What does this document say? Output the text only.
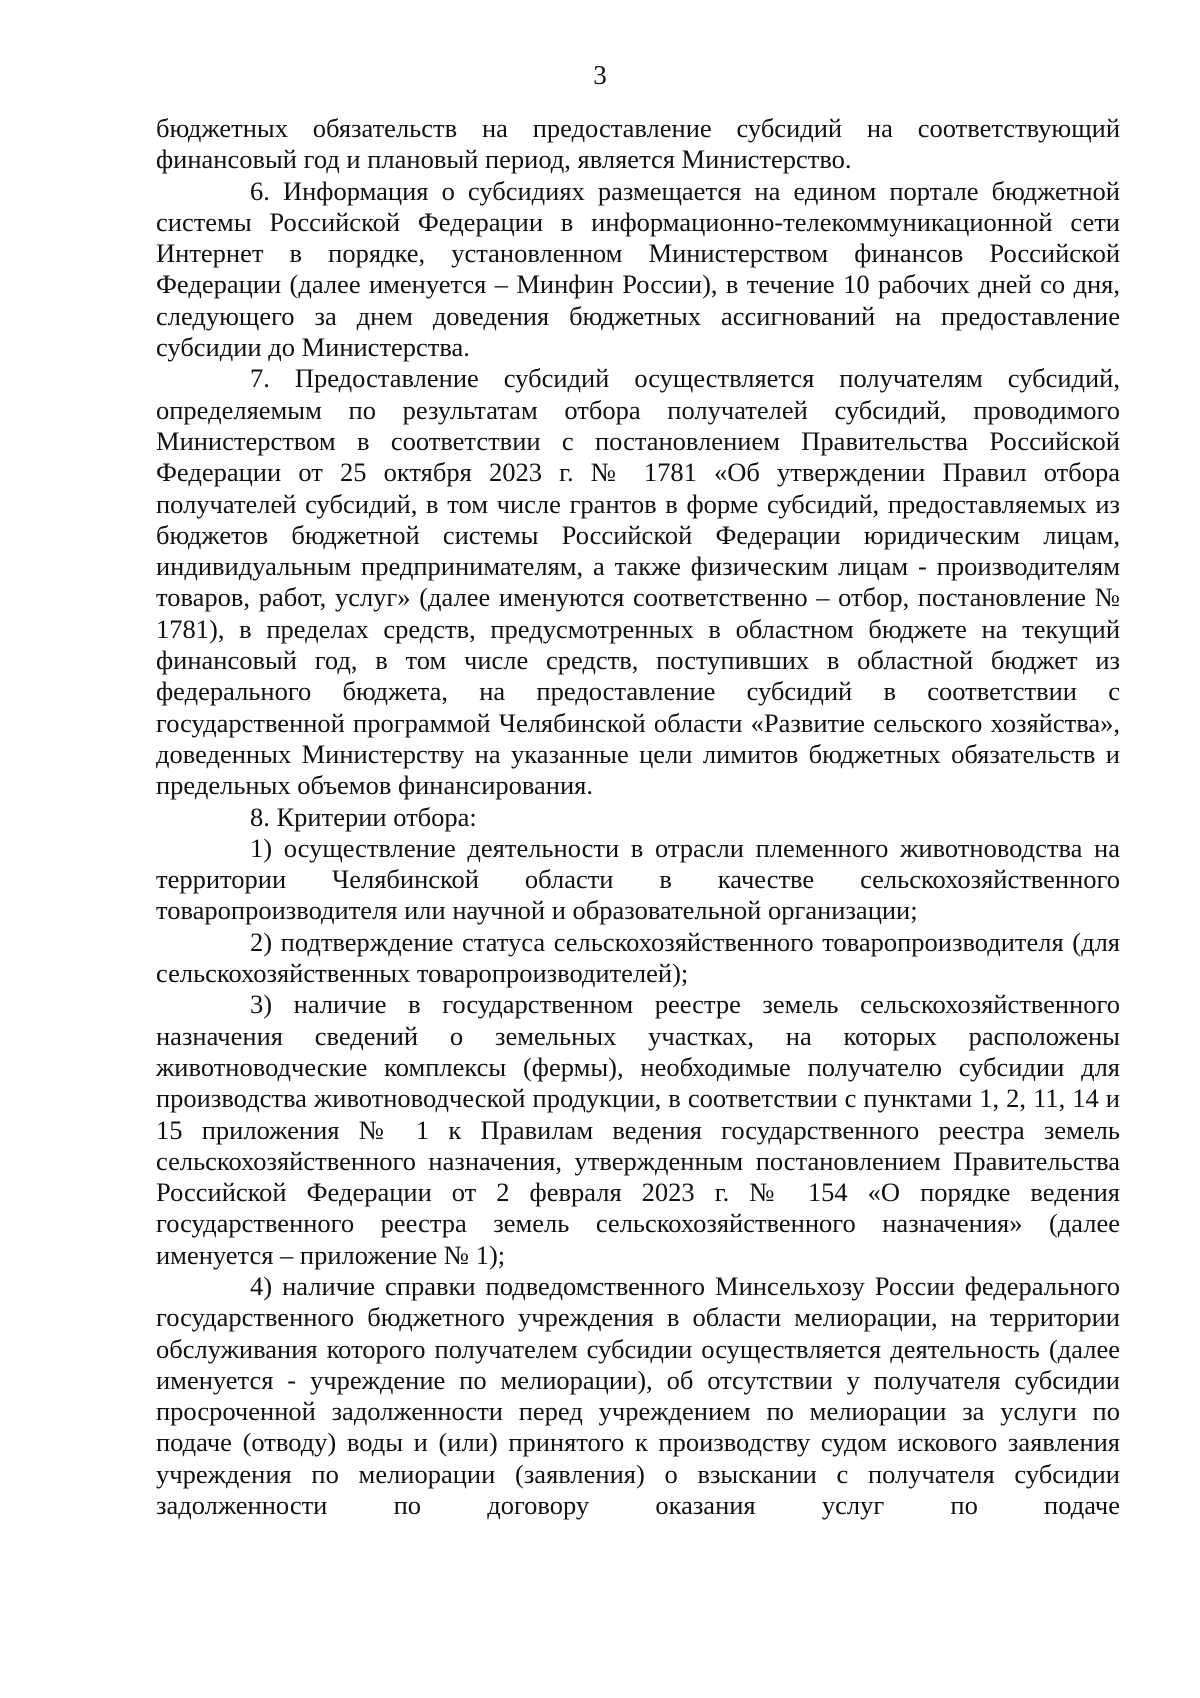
3

бюджетных обязательств на предоставление субсидий на соответствующий финансовый год и плановый период, является Министерство.

6. Информация о субсидиях размещается на едином портале бюджетной системы Российской Федерации в информационно-телекоммуникационной сети Интернет в порядке, установленном Министерством финансов Российской Федерации (далее именуется – Минфин России), в течение 10 рабочих дней со дня, следующего за днем доведения бюджетных ассигнований на предоставление субсидии до Министерства.

7. Предоставление субсидий осуществляется получателям субсидий, определяемым по результатам отбора получателей субсидий, проводимого Министерством в соответствии с постановлением Правительства Российской Федерации от 25 октября 2023 г. № 1781 «Об утверждении Правил отбора получателей субсидий, в том числе грантов в форме субсидий, предоставляемых из бюджетов бюджетной системы Российской Федерации юридическим лицам, индивидуальным предпринимателям, а также физическим лицам - производителям товаров, работ, услуг» (далее именуются соответственно – отбор, постановление № 1781), в пределах средств, предусмотренных в областном бюджете на текущий финансовый год, в том числе средств, поступивших в областной бюджет из федерального бюджета, на предоставление субсидий в соответствии с государственной программой Челябинской области «Развитие сельского хозяйства», доведенных Министерству на указанные цели лимитов бюджетных обязательств и предельных объемов финансирования.

8. Критерии отбора:

1) осуществление деятельности в отрасли племенного животноводства на территории Челябинской области в качестве сельскохозяйственного товаропроизводителя или научной и образовательной организации;

2) подтверждение статуса сельскохозяйственного товаропроизводителя (для сельскохозяйственных товаропроизводителей);

3) наличие в государственном реестре земель сельскохозяйственного назначения сведений о земельных участках, на которых расположены животноводческие комплексы (фермы), необходимые получателю субсидии для производства животноводческой продукции, в соответствии с пунктами 1, 2, 11, 14 и 15 приложения № 1 к Правилам ведения государственного реестра земель сельскохозяйственного назначения, утвержденным постановлением Правительства Российской Федерации от 2 февраля 2023 г. № 154 «О порядке ведения государственного реестра земель сельскохозяйственного назначения» (далее именуется – приложение № 1);

4) наличие справки подведомственного Минсельхозу России федерального государственного бюджетного учреждения в области мелиорации, на территории обслуживания которого получателем субсидии осуществляется деятельность (далее именуется - учреждение по мелиорации), об отсутствии у получателя субсидии просроченной задолженности перед учреждением по мелиорации за услуги по подаче (отводу) воды и (или) принятого к производству судом искового заявления учреждения по мелиорации (заявления) о взыскании с получателя субсидии задолженности по договору оказания услуг по подаче
